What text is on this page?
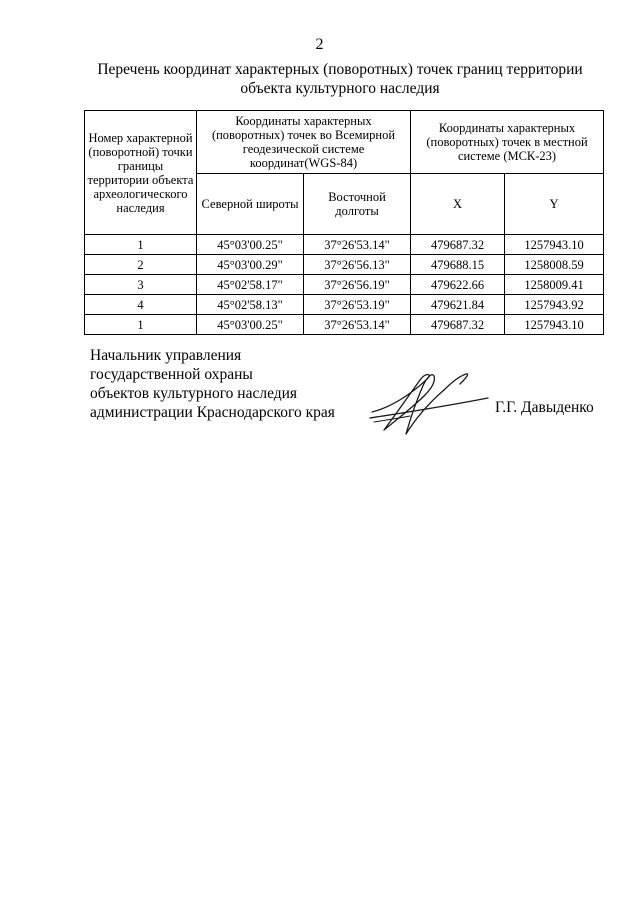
2
Перечень координат характерных (поворотных) точек границ территории
объекта культурного наследия
Номер характерной (поворотной) точки границы территории объекта археологического наследия	Координаты характерных (поворотных) точек во Всемирной геодезической системе координат(WGS-84)		Координаты характерных (поворотных) точек в местной системе (МСК-23)	
	Северной широты	Восточной долготы	X	Y
1	45°03'00.25"	37°26'53.14"	479687.32	1257943.10
2	45°03'00.29"	37°26'56.13"	479688.15	1258008.59
3	45°02'58.17"	37°26'56.19"	479622.66	1258009.41
4	45°02'58.13"	37°26'53.19"	479621.84	1257943.92
1	45°03'00.25"	37°26'53.14"	479687.32	1257943.10
Начальник управления
государственной охраны
объектов культурного наследия
администрации Краснодарского края	Г.Г. Давыденко
